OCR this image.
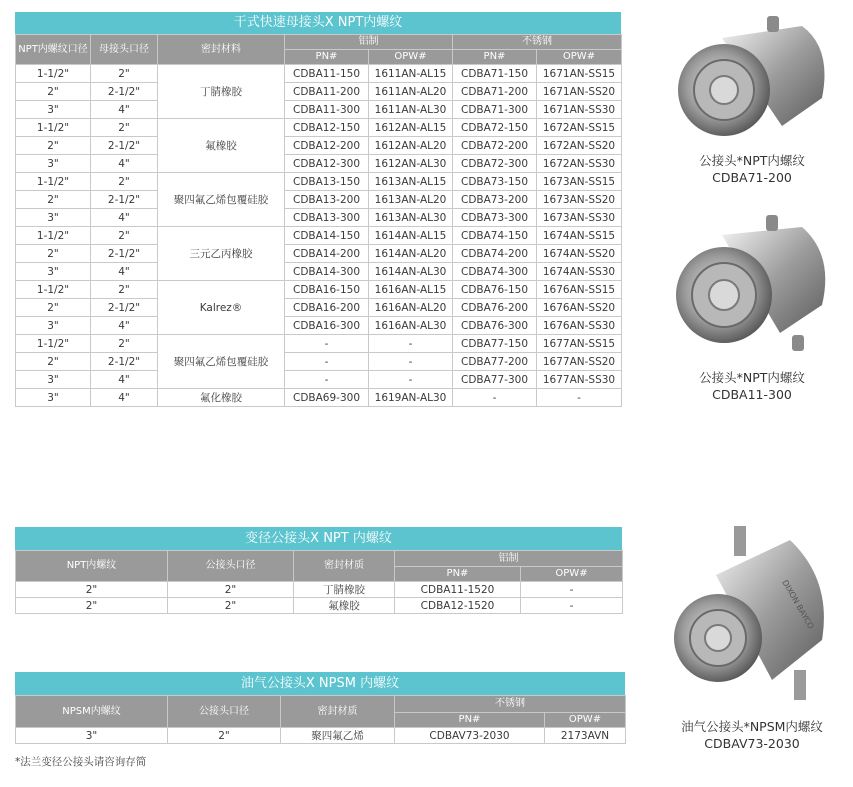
干式快速母接头X NPT内螺纹
NPT内螺纹口径	母接头口径	密封材料	铝制		不锈钢	
			PN#	OPW#	PN#	OPW#
1-1/2"	2"	丁腈橡胶	CDBA11-150	1611AN-AL15	CDBA71-150	1671AN-SS15
2"	2-1/2"		CDBA11-200	1611AN-AL20	CDBA71-200	1671AN-SS20
3"	4"		CDBA11-300	1611AN-AL30	CDBA71-300	1671AN-SS30
1-1/2"	2"	氟橡胶	CDBA12-150	1612AN-AL15	CDBA72-150	1672AN-SS15
2"	2-1/2"		CDBA12-200	1612AN-AL20	CDBA72-200	1672AN-SS20
3"	4"		CDBA12-300	1612AN-AL30	CDBA72-300	1672AN-SS30
1-1/2"	2"	聚四氟乙烯包覆硅胶	CDBA13-150	1613AN-AL15	CDBA73-150	1673AN-SS15
2"	2-1/2"		CDBA13-200	1613AN-AL20	CDBA73-200	1673AN-SS20
3"	4"		CDBA13-300	1613AN-AL30	CDBA73-300	1673AN-SS30
1-1/2"	2"	三元乙丙橡胶	CDBA14-150	1614AN-AL15	CDBA74-150	1674AN-SS15
2"	2-1/2"		CDBA14-200	1614AN-AL20	CDBA74-200	1674AN-SS20
3"	4"		CDBA14-300	1614AN-AL30	CDBA74-300	1674AN-SS30
1-1/2"	2"	Kalrez®	CDBA16-150	1616AN-AL15	CDBA76-150	1676AN-SS15
2"	2-1/2"		CDBA16-200	1616AN-AL20	CDBA76-200	1676AN-SS20
3"	4"		CDBA16-300	1616AN-AL30	CDBA76-300	1676AN-SS30
1-1/2"	2"	聚四氟乙烯包覆硅胶	-	-	CDBA77-150	1677AN-SS15
2"	2-1/2"		-	-	CDBA77-200	1677AN-SS20
3"	4"		-	-	CDBA77-300	1677AN-SS30
3"	4"	氟化橡胶	CDBA69-300	1619AN-AL30	-	-
变径公接头X NPT 内螺纹
NPT内螺纹	公接头口径	密封材质	铝制	
			PN#	OPW#
2"	2"	丁腈橡胶	CDBA11-1520	-
2"	2"	氟橡胶	CDBA12-1520	-
油气公接头X NPSM 内螺纹
NPSM内螺纹	公接头口径	密封材质	不锈钢	
			PN#	OPW#
3"	2"	聚四氟乙烯	CDBAV73-2030	2173AVN
*法兰变径公接头请咨询存简
公接头*NPT内螺纹
CDBA71-200
公接头*NPT内螺纹
CDBA11-300
DIXON BAYCO
油气公接头*NPSM内螺纹
CDBAV73-2030
